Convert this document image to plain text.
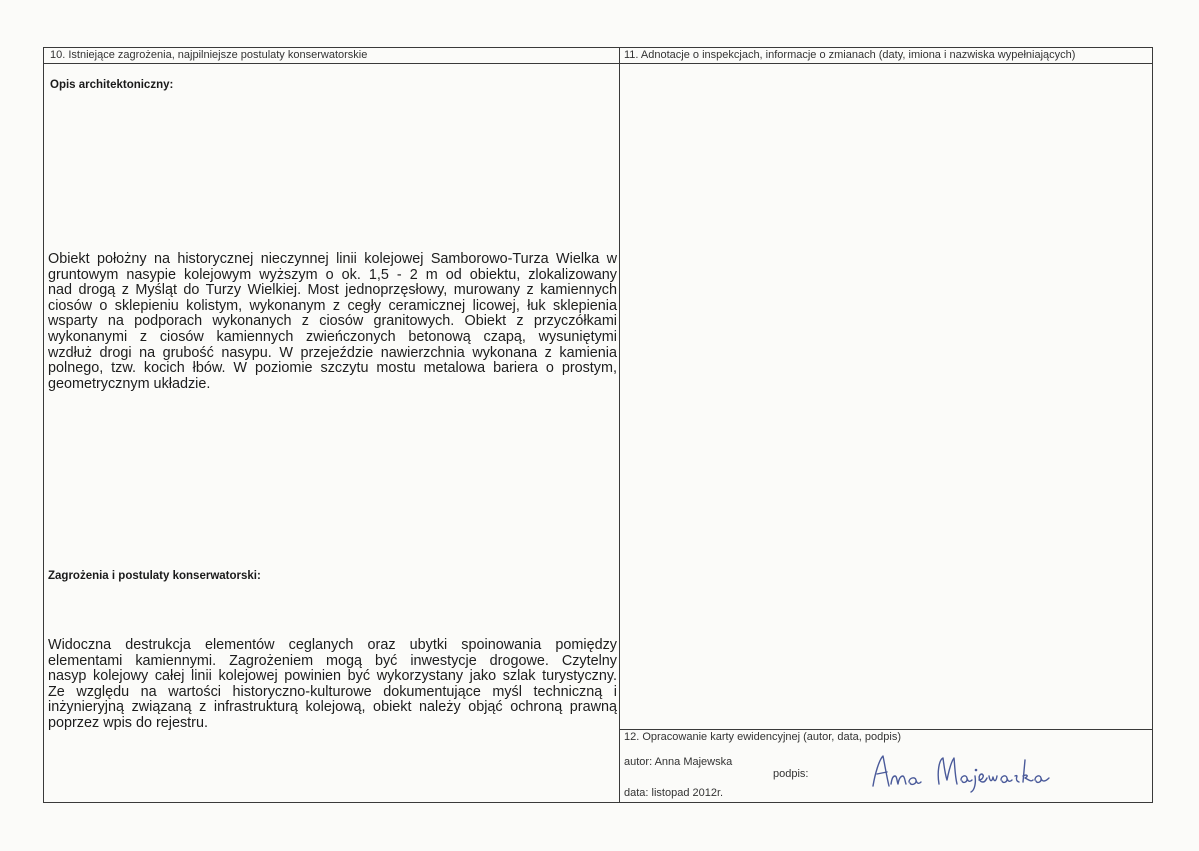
10. Istniejące zagrożenia, najpilniejsze postulaty konserwatorskie
Opis architektoniczny:
Obiekt położny na historycznej nieczynnej linii kolejowej Samborowo-Turza Wielka w
gruntowym nasypie kolejowym wyższym o ok. 1,5 - 2 m od obiektu, zlokalizowany
nad drogą z Myśląt do Turzy Wielkiej. Most jednoprzęsłowy, murowany z kamiennych
ciosów o sklepieniu kolistym, wykonanym z cegły ceramicznej licowej, łuk sklepienia
wsparty na podporach wykonanych z ciosów granitowych. Obiekt z przyczółkami
wykonanymi z ciosów kamiennych zwieńczonych betonową czapą, wysuniętymi
wzdłuż drogi na grubość nasypu. W przejeździe nawierzchnia wykonana z kamienia
polnego, tzw. kocich łbów. W poziomie szczytu mostu metalowa bariera o prostym,
geometrycznym układzie.
Zagrożenia i postulaty konserwatorski:
Widoczna destrukcja elementów ceglanych oraz ubytki spoinowania pomiędzy
elementami kamiennymi. Zagrożeniem mogą być inwestycje drogowe. Czytelny
nasyp kolejowy całej linii kolejowej powinien być wykorzystany jako szlak turystyczny.
Ze względu na wartości historyczno-kulturowe dokumentujące myśl techniczną i
inżynieryjną związaną z infrastrukturą kolejową, obiekt należy objąć ochroną prawną
poprzez wpis do rejestru.
11. Adnotacje o inspekcjach, informacje o zmianach (daty, imiona i nazwiska wypełniających)
12. Opracowanie karty ewidencyjnej (autor, data, podpis)
autor: Anna Majewska
podpis:
data: listopad 2012r.
